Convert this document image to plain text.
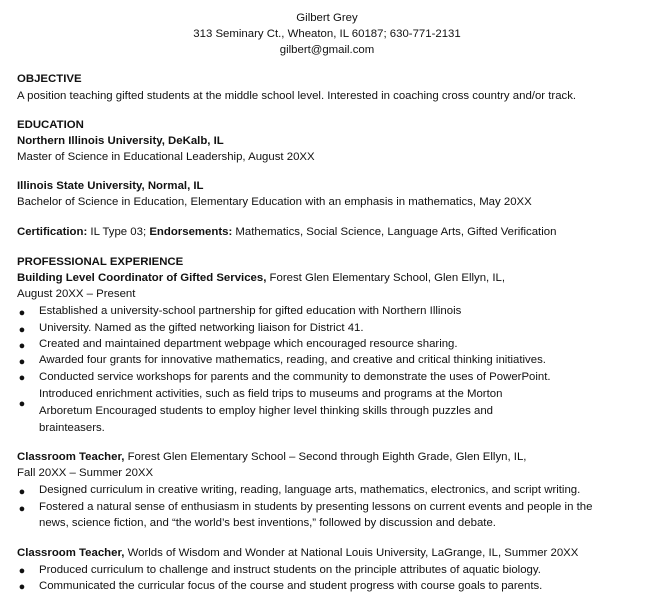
Gilbert Grey
313 Seminary Ct., Wheaton, IL 60187; 630-771-2131
gilbert@gmail.com
OBJECTIVE
A position teaching gifted students at the middle school level. Interested in coaching cross country and/or track.
EDUCATION
Northern Illinois University, DeKalb, IL
Master of Science in Educational Leadership, August 20XX
Illinois State University, Normal, IL
Bachelor of Science in Education, Elementary Education with an emphasis in mathematics, May 20XX
Certification: IL Type 03; Endorsements: Mathematics, Social Science, Language Arts, Gifted Verification
PROFESSIONAL EXPERIENCE
Building Level Coordinator of Gifted Services, Forest Glen Elementary School, Glen Ellyn, IL,
August 20XX – Present
● Established a university-school partnership for gifted education with Northern Illinois
● University. Named as the gifted networking liaison for District 41.
● Created and maintained department webpage which encouraged resource sharing.
● Awarded four grants for innovative mathematics, reading, and creative and critical thinking initiatives.
● Conducted service workshops for parents and the community to demonstrate the uses of PowerPoint.
●
Introduced enrichment activities, such as field trips to museums and programs at the Morton
Arboretum Encouraged students to employ higher level thinking skills through puzzles and
brainteasers.
Classroom Teacher, Forest Glen Elementary School – Second through Eighth Grade, Glen Ellyn, IL,
Fall 20XX – Summer 20XX
● Designed curriculum in creative writing, reading, language arts, mathematics, electronics, and script writing.
● Fostered a natural sense of enthusiasm in students by presenting lessons on current events and people in the
news, science fiction, and “the world’s best inventions,” followed by discussion and debate.
Classroom Teacher, Worlds of Wisdom and Wonder at National Louis University, LaGrange, IL, Summer 20XX
● Produced curriculum to challenge and instruct students on the principle attributes of aquatic biology.
● Communicated the curricular focus of the course and student progress with course goals to parents.
